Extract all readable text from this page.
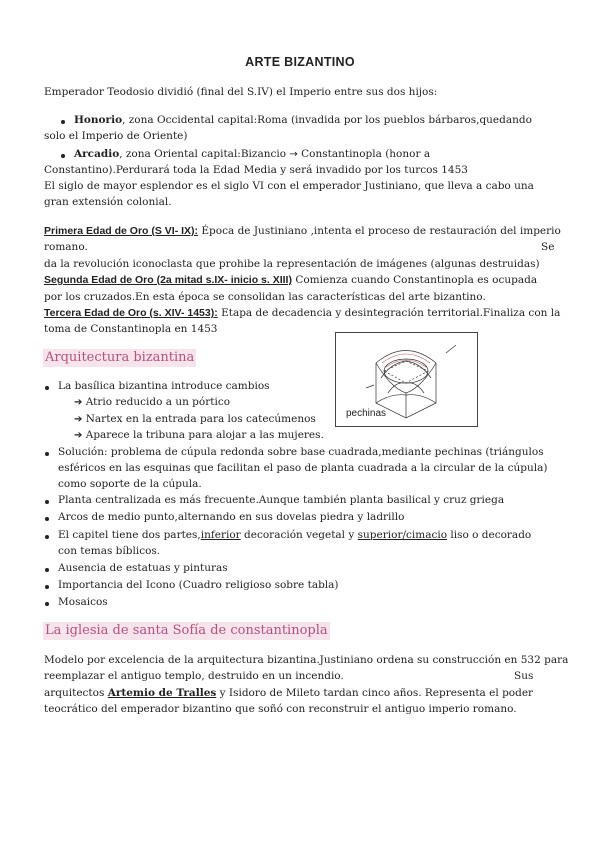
ARTE BIZANTINO
Emperador Teodosio dividió (final del S.IV) el Imperio entre sus dos hijos:
Honorio, zona Occidental capital:Roma (invadida por los pueblos bárbaros,quedando
solo el Imperio de Oriente)
Arcadio, zona Oriental capital:Bizancio → Constantinopla (honor a
Constantino).Perdurará toda la Edad Media y será invadido por los turcos 1453
El siglo de mayor esplendor es el siglo VI con el emperador Justiniano, que lleva a cabo una
gran extensión colonial.
Primera Edad de Oro (S VI- IX): Época de Justiniano ,intenta el proceso de restauración del imperio
romano.	Se
da la revolución iconoclasta que prohibe la representación de imágenes (algunas destruidas)
Segunda Edad de Oro (2a mitad s.IX- inicio s. XIII) Comienza cuando Constantinopla es ocupada
por los cruzados.En esta época se consolidan las características del arte bizantino.
Tercera Edad de Oro (s. XIV- 1453): Etapa de decadencia y desintegración territorial.Finaliza con la
toma de Constantinopla en 1453
Arquitectura bizantina
pechinas
La basílica bizantina introduce cambios
➔ Atrio reducido a un pórtico
➔ Nartex en la entrada para los catecúmenos
➔ Aparece la tribuna para alojar a las mujeres.
Solución: problema de cúpula redonda sobre base cuadrada,mediante pechinas (triángulos
esféricos en las esquinas que facilitan el paso de planta cuadrada a la circular de la cúpula)
como soporte de la cúpula.
Planta centralizada es más frecuente.Aunque también planta basilical y cruz griega
Arcos de medio punto,alternando en sus dovelas piedra y ladrillo
El capitel tiene dos partes,inferior decoración vegetal y superior/cimacio liso o decorado
con temas bíblicos.
Ausencia de estatuas y pinturas
Importancia del Icono (Cuadro religioso sobre tabla)
Mosaicos
La iglesia de santa Sofía de constantinopla
Modelo por excelencia de la arquitectura bizantina.Justiniano ordena su construcción en 532 para
reemplazar el antiguo templo, destruido en un incendio.	Sus
arquitectos Artemio de Tralles y Isidoro de Mileto tardan cinco años. Representa el poder
teocrático del emperador bizantino que soñó con reconstruir el antiguo imperio romano.
